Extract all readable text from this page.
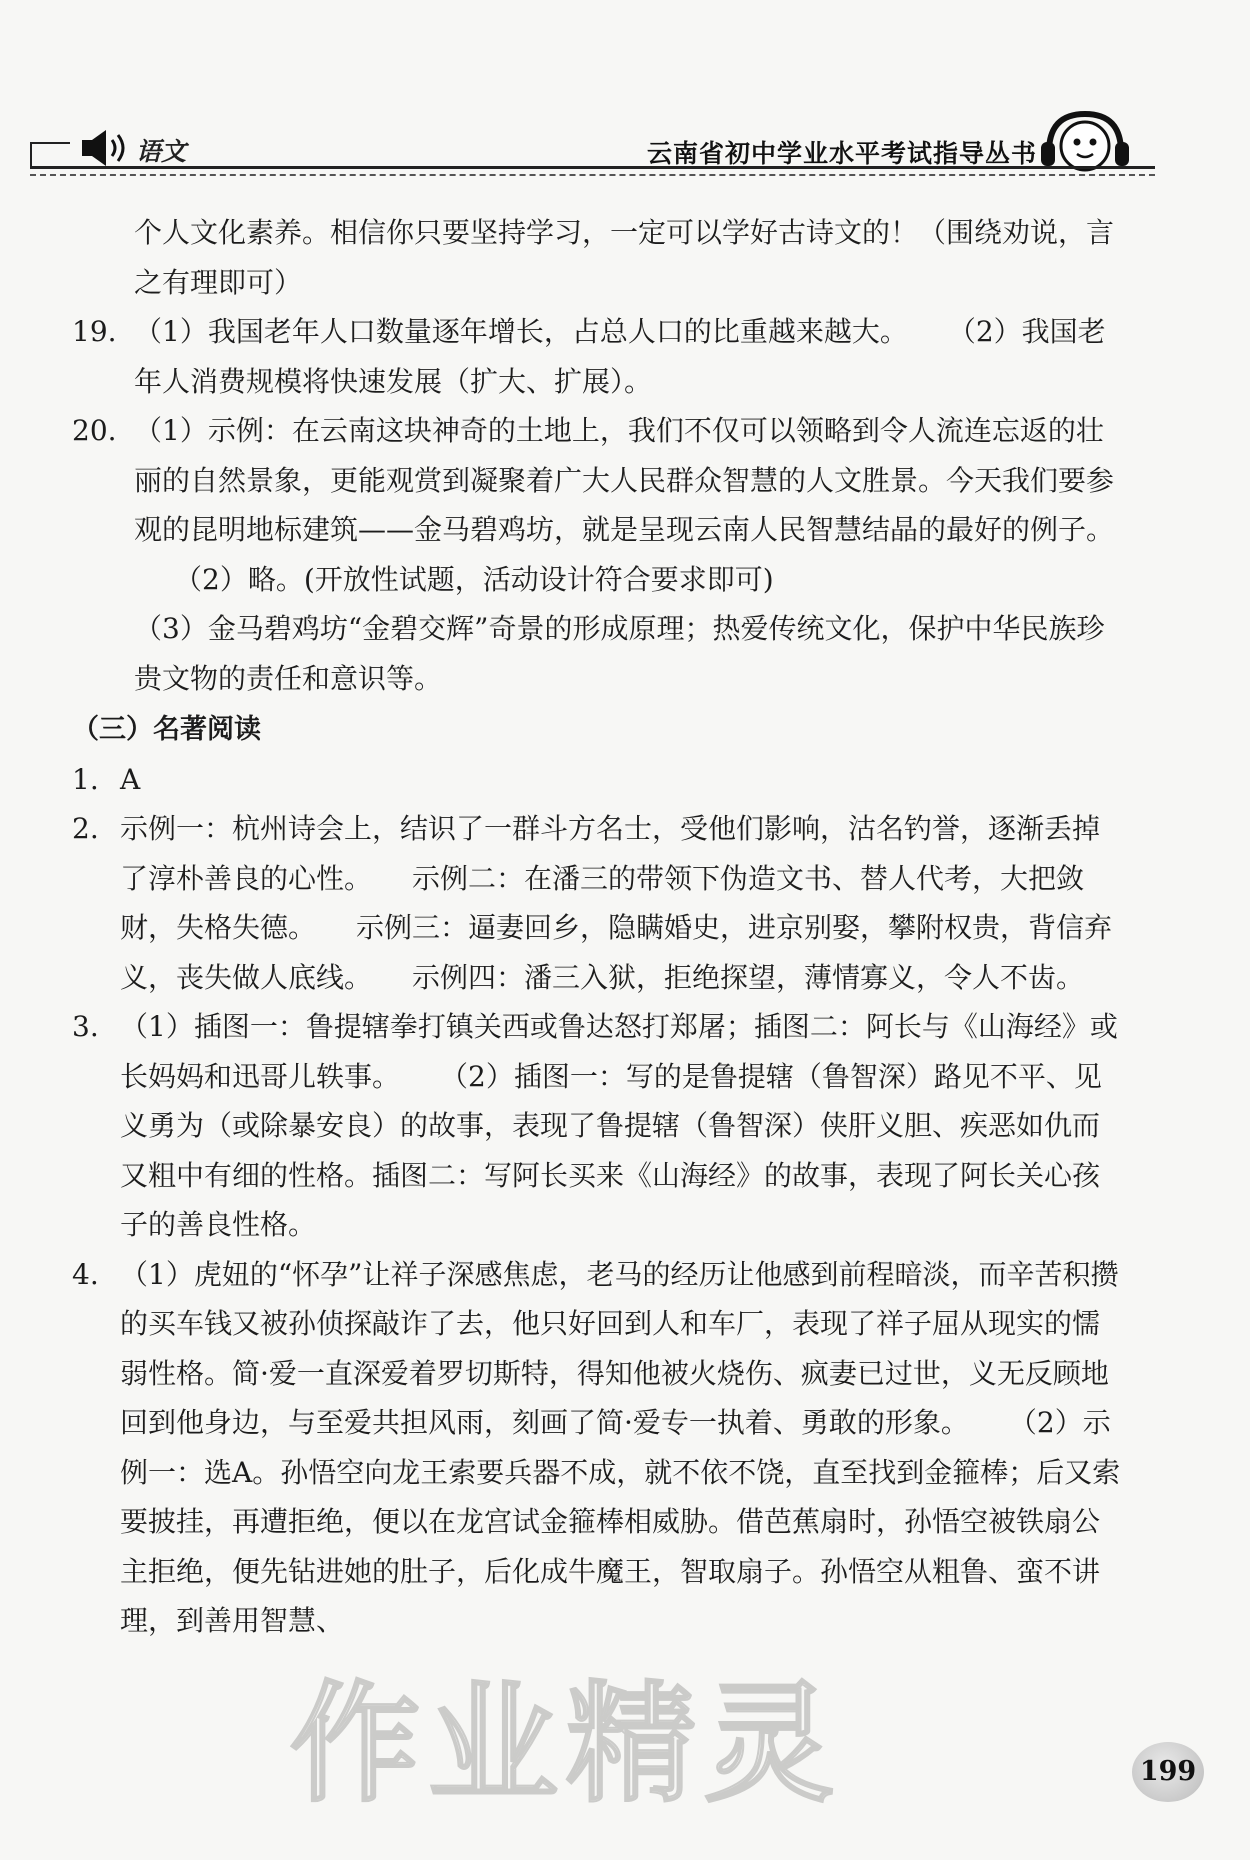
语文	云南省初中学业水平考试指导丛书

个人文化素养。相信你只要坚持学习，一定可以学好古诗文的！（围绕劝说，言之有理即可）

19. （1）我国老年人口数量逐年增长，占总人口的比重越来越大。 （2）我国老年人消费规模将快速发展（扩大、扩展）。

20. （1）示例：在云南这块神奇的土地上，我们不仅可以领略到令人流连忘返的壮丽的自然景象，更能观赏到凝聚着广大人民群众智慧的人文胜景。今天我们要参观的昆明地标建筑——金马碧鸡坊，就是呈现云南人民智慧结晶的最好的例子。（2）略。(开放性试题，活动设计符合要求即可)
（3）金马碧鸡坊“金碧交辉”奇景的形成原理；热爱传统文化，保护中华民族珍贵文物的责任和意识等。

（三）名著阅读

1. A

2. 示例一：杭州诗会上，结识了一群斗方名士，受他们影响，沽名钓誉，逐渐丢掉了淳朴善良的心性。 示例二：在潘三的带领下伪造文书、替人代考，大把敛财，失格失德。 示例三：逼妻回乡，隐瞒婚史，进京别娶，攀附权贵，背信弃义，丧失做人底线。 示例四：潘三入狱，拒绝探望，薄情寡义，令人不齿。

3. （1）插图一：鲁提辖拳打镇关西或鲁达怒打郑屠；插图二：阿长与《山海经》或长妈妈和迅哥儿轶事。 （2）插图一：写的是鲁提辖（鲁智深）路见不平、见义勇为（或除暴安良）的故事，表现了鲁提辖（鲁智深）侠肝义胆、疾恶如仇而又粗中有细的性格。插图二：写阿长买来《山海经》的故事，表现了阿长关心孩子的善良性格。

4. （1）虎妞的“怀孕”让祥子深感焦虑，老马的经历让他感到前程暗淡，而辛苦积攒的买车钱又被孙侦探敲诈了去，他只好回到人和车厂，表现了祥子屈从现实的懦弱性格。简·爱一直深爱着罗切斯特，得知他被火烧伤、疯妻已过世，义无反顾地回到他身边，与至爱共担风雨，刻画了简·爱专一执着、勇敢的形象。 （2）示例一：选A。孙悟空向龙王索要兵器不成，就不依不饶，直至找到金箍棒；后又索要披挂，再遭拒绝，便以在龙宫试金箍棒相威胁。借芭蕉扇时，孙悟空被铁扇公主拒绝，便先钻进她的肚子，后化成牛魔王，智取扇子。孙悟空从粗鲁、蛮不讲理，到善用智慧、

作业精灵	199
